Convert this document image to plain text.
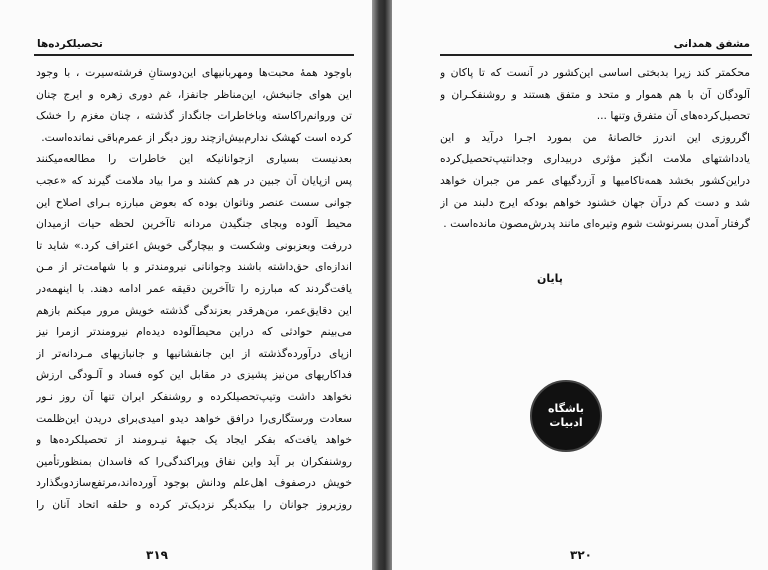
تحصیلکرده‌ها
باوجود همهٔ محبت‌ها ومهربانیهای این‌دوستانِ فرشته‌سیرت ، با وجود
این هوای جانبخش، این‌مناظر جانفزا، غم دوری زهره و ایرج چنان
تن وروانم‌را‌کاسته و‌باخاطرات جانگداز گذشته ، چنان مغزم را خشک
کرده است کهشک ندارم‌بیش‌ازچند روز دیگر از عمرم‌باقی نمانده‌است.
بعدنیست بسیاری ازجوانانیکه این خاطرات را مطالعه‌میکنند
پس ازپایان آن جبین در هم کشند و مرا بیاد ملامت گیرند که «عجب
جوانی سست عنصر وناتوان بوده که بعوض مبارزه بـرای اصلاح این
محیط آلوده وبجای جنگیدن مردانه تاآخرین لحظه حیات ازمیدان
دررفت وبعزبونی وشکست و بیچارگی خویش اعتراف کرد.» شاید تا
اندازه‌ای حق‌داشته باشند وجوانانی نیرومندتر و با شهامت‌تر از مـن
یافت‌گردند که مبارزه را تاآخرین دقیقه عمر ادامه دهند. با اینهمه‌در
این دقایق‌عمر، من‌هرقدر بعزندگی گذشته خویش مرور میکنم بازهم
می‌بینم حوادثی که دراین محیط‌آلوده دیده‌ام نیرومندتر ازمرا نیز
ازپای درآورده‌گذشته از این جانفشانیها و جانبازیهای مـردانه‌تر از
فداکاریهای من‌نیز پشیزی در مقابل این کوه فساد و آلـودگی ارزش
نخواهد داشت وتیپ‌تحصیلکرده و روشنفکر ایران تنها آن روز نـور
سعادت ورستگاری‌را درافق خواهد دیدو امیدی‌برای دریدن این‌ظلمت
خواهد یافت‌که بفکر ایجاد یک جبههٔ نیـرومند از تحصیلکرده‌ها و
روشنفکران بر آید واین نفاق وپراکندگی‌را که فاسدان بمنظورتأمین
خویش درصفوف اهل‌علم ودانش بوجود آورده‌اند،مرتفع‌سازدوبگذارد
روزبروز جوانان را بیکدیگر نزدیک‌تر کرده و حلقه اتحاد آنان را
۳۱۹
مشفق همدانی
محکمتر کند زیرا بدبختی اساسی این‌کشور در آنست که تا پاکان و
آلودگان آن با هم هموار و متحد و متفق هستند و روشنفکـران و
تحصیل‌کرده‌های آن متفرق وتنها ...
اگرروزی این اندرز خالصانهٔ من بمورد اجـرا درآید و این
یادداشتهای ملامت انگیز مؤثری دربیداری وجدانتیپ‌تحصیل‌کرده
دراین‌کشور بخشد همه‌ناکامیها و آزردگیهای عمر من جبران خواهد
شد و دست کم درآن جهان خشنود خواهم بودکه ایرج دلبند من از
گرفتار آمدن بسرنوشت شوم وتیره‌ای مانند پدرش‌مصون مانده‌است .
پایان
باشگاه
ادبیات
۳۲۰
